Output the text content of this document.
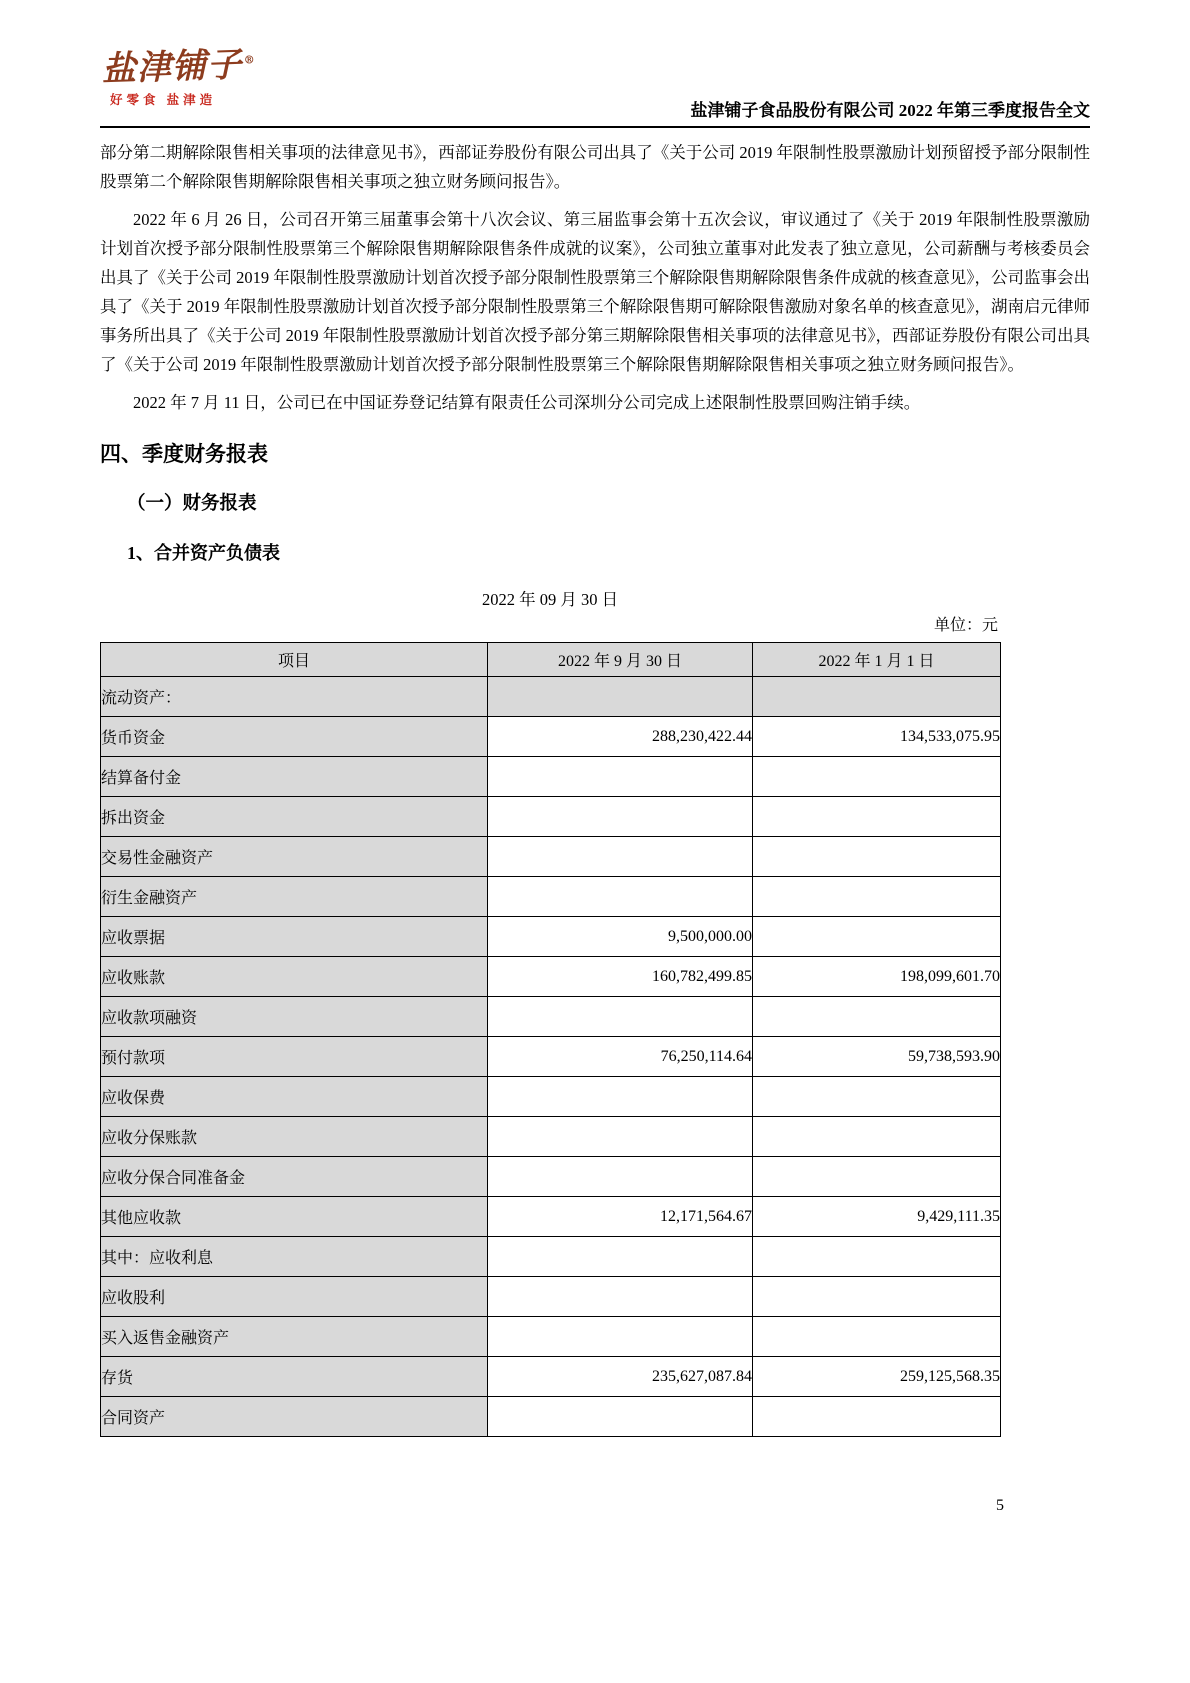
盐津铺子®
好零食 盐津造
盐津铺子食品股份有限公司 2022 年第三季度报告全文

部分第二期解除限售相关事项的法律意见书》，西部证券股份有限公司出具了《关于公司 2019 年限制性股票激励计划预留授予部分限制性股票第二个解除限售期解除限售相关事项之独立财务顾问报告》。

2022 年 6 月 26 日，公司召开第三届董事会第十八次会议、第三届监事会第十五次会议，审议通过了《关于 2019 年限制性股票激励计划首次授予部分限制性股票第三个解除限售期解除限售条件成就的议案》，公司独立董事对此发表了独立意见，公司薪酬与考核委员会出具了《关于公司 2019 年限制性股票激励计划首次授予部分限制性股票第三个解除限售期解除限售条件成就的核查意见》，公司监事会出具了《关于 2019 年限制性股票激励计划首次授予部分限制性股票第三个解除限售期可解除限售激励对象名单的核查意见》，湖南启元律师事务所出具了《关于公司 2019 年限制性股票激励计划首次授予部分第三期解除限售相关事项的法律意见书》，西部证券股份有限公司出具了《关于公司 2019 年限制性股票激励计划首次授予部分限制性股票第三个解除限售期解除限售相关事项之独立财务顾问报告》。

2022 年 7 月 11 日，公司已在中国证券登记结算有限责任公司深圳分公司完成上述限制性股票回购注销手续。

四、季度财务报表
（一）财务报表
1、合并资产负债表
2022 年 09 月 30 日
单位：元
项目	2022 年 9 月 30 日	2022 年 1 月 1 日
流动资产：		
货币资金	288,230,422.44	134,533,075.95
结算备付金		
拆出资金		
交易性金融资产		
衍生金融资产		
应收票据	9,500,000.00	
应收账款	160,782,499.85	198,099,601.70
应收款项融资		
预付款项	76,250,114.64	59,738,593.90
应收保费		
应收分保账款		
应收分保合同准备金		
其他应收款	12,171,564.67	9,429,111.35
其中：应收利息		
应收股利		
买入返售金融资产		
存货	235,627,087.84	259,125,568.35
合同资产		
5
